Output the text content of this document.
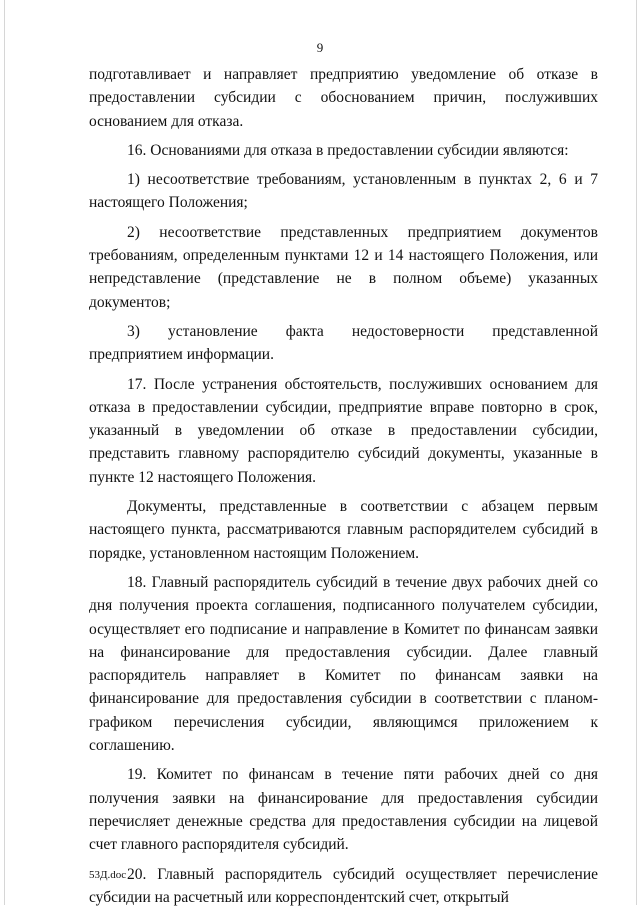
9

подготавливает и направляет предприятию уведомление об отказе в предоставлении субсидии с обоснованием причин, послуживших основанием для отказа.

16. Основаниями для отказа в предоставлении субсидии являются:

1) несоответствие требованиям, установленным в пунктах 2, 6 и 7 настоящего Положения;

2) несоответствие представленных предприятием документов требованиям, определенным пунктами 12 и 14 настоящего Положения, или непредставление (представление не в полном объеме) указанных документов;

3) установление факта недостоверности представленной предприятием информации.

17. После устранения обстоятельств, послуживших основанием для отказа в предоставлении субсидии, предприятие вправе повторно в срок, указанный в уведомлении об отказе в предоставлении субсидии, представить главному распорядителю субсидий документы, указанные в пункте 12 настоящего Положения.

Документы, представленные в соответствии с абзацем первым настоящего пункта, рассматриваются главным распорядителем субсидий в порядке, установленном настоящим Положением.

18. Главный распорядитель субсидий в течение двух рабочих дней со дня получения проекта соглашения, подписанного получателем субсидии, осуществляет его подписание и направление в Комитет по финансам заявки на финансирование для предоставления субсидии. Далее главный распорядитель направляет в Комитет по финансам заявки на финансирование для предоставления субсидии в соответствии с планом-графиком перечисления субсидии, являющимся приложением к соглашению.

19. Комитет по финансам в течение пяти рабочих дней со дня получения заявки на финансирование для предоставления субсидии перечисляет денежные средства для предоставления субсидии на лицевой счет главного распорядителя субсидий.

20. Главный распорядитель субсидий осуществляет перечисление субсидии на расчетный или корреспондентский счет, открытый

53Д.doc
